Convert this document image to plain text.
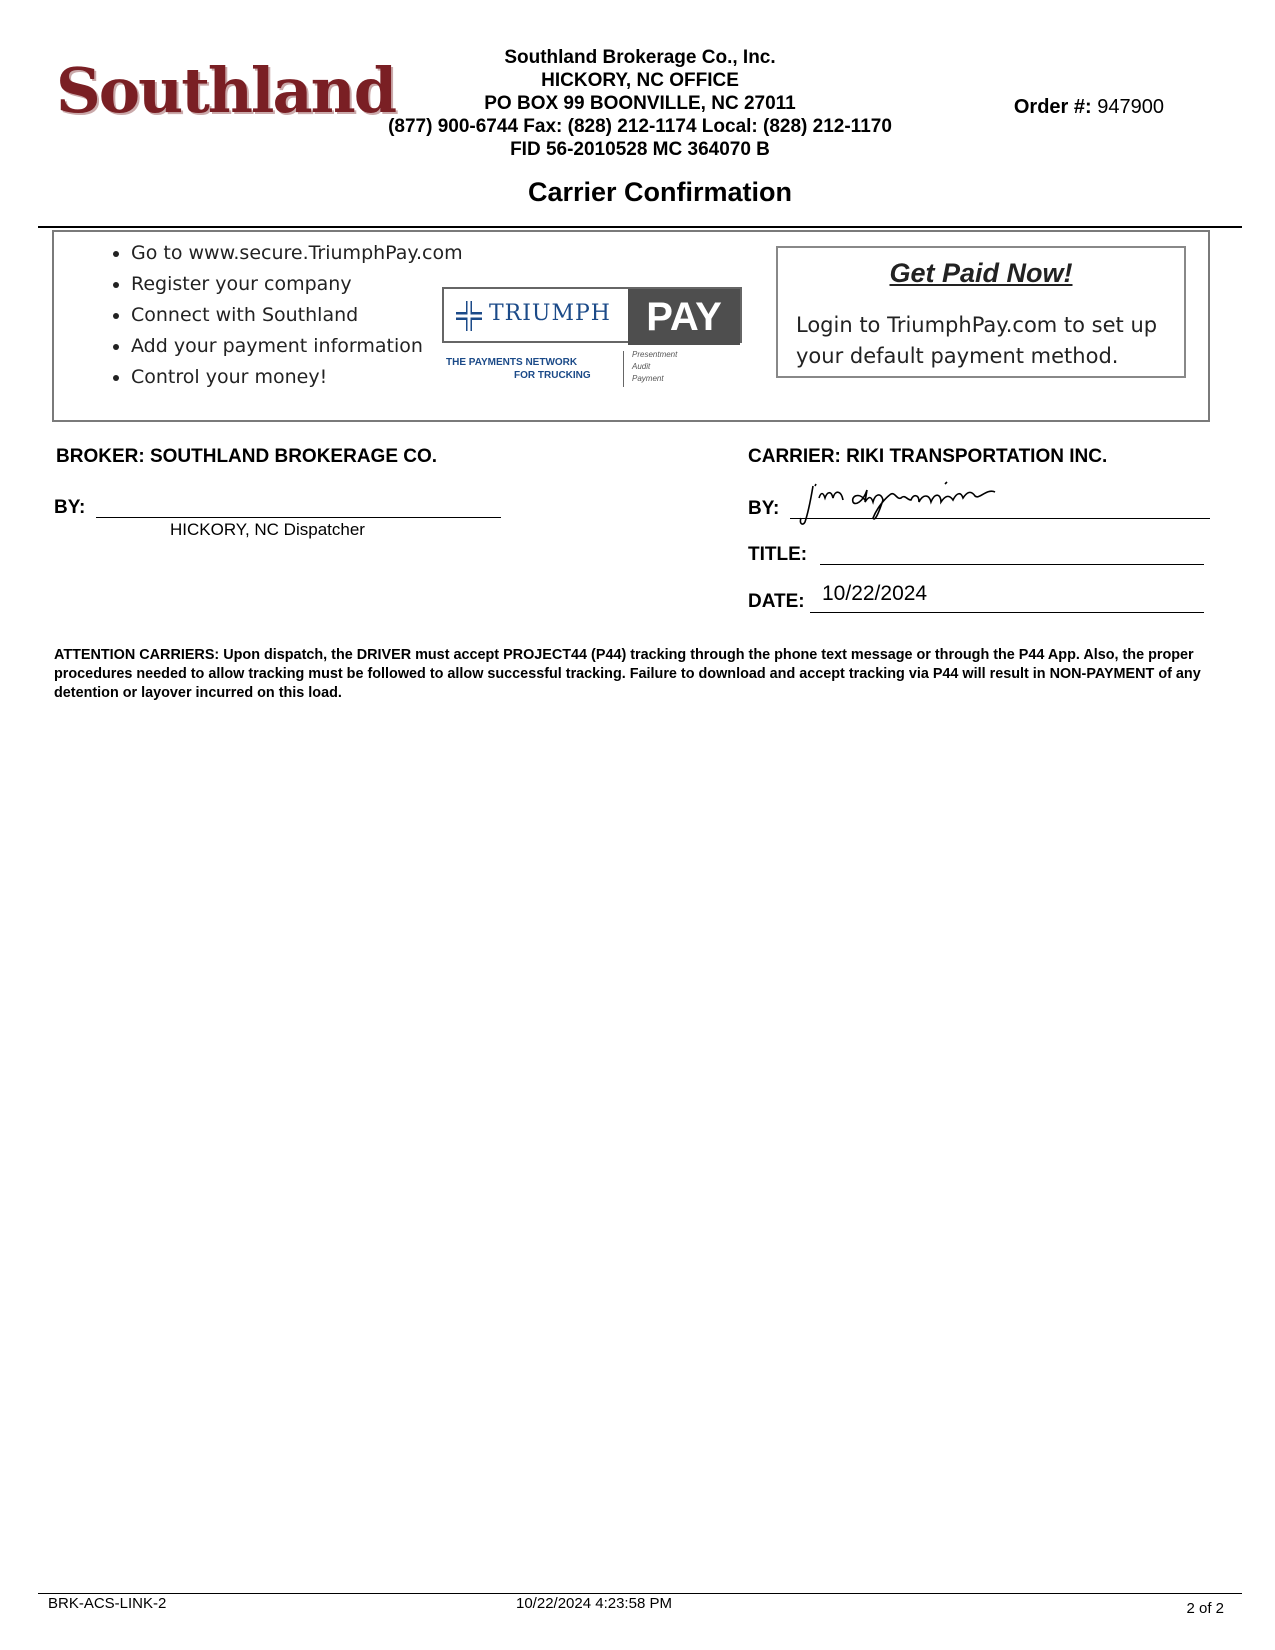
Southland	Southland Brokerage Co., Inc.
HICKORY, NC OFFICE
PO BOX 99 BOONVILLE, NC 27011
(877) 900-6744 Fax: (828) 212-1174 Local: (828) 212-1170
FID 56-2010528 MC 364070 B
Order #: 947900
Carrier Confirmation
• Go to www.secure.TriumphPay.com
• Register your company
• Connect with Southland
• Add your payment information
• Control your money!
TRIUMPH PAY
THE PAYMENTS NETWORK
FOR TRUCKING
Presentment
Audit
Payment
Get Paid Now!
Login to TriumphPay.com to set up your default payment method.
BROKER: SOUTHLAND BROKERAGE CO.
BY:
HICKORY, NC Dispatcher
CARRIER: RIKI TRANSPORTATION INC.
BY:
TITLE:
DATE: 10/22/2024
ATTENTION CARRIERS: Upon dispatch, the DRIVER must accept PROJECT44 (P44) tracking through the phone text message or through the P44 App. Also, the proper procedures needed to allow tracking must be followed to allow successful tracking. Failure to download and accept tracking via P44 will result in NON-PAYMENT of any detention or layover incurred on this load.
BRK-ACS-LINK-2	10/22/2024 4:23:58 PM	2 of 2
